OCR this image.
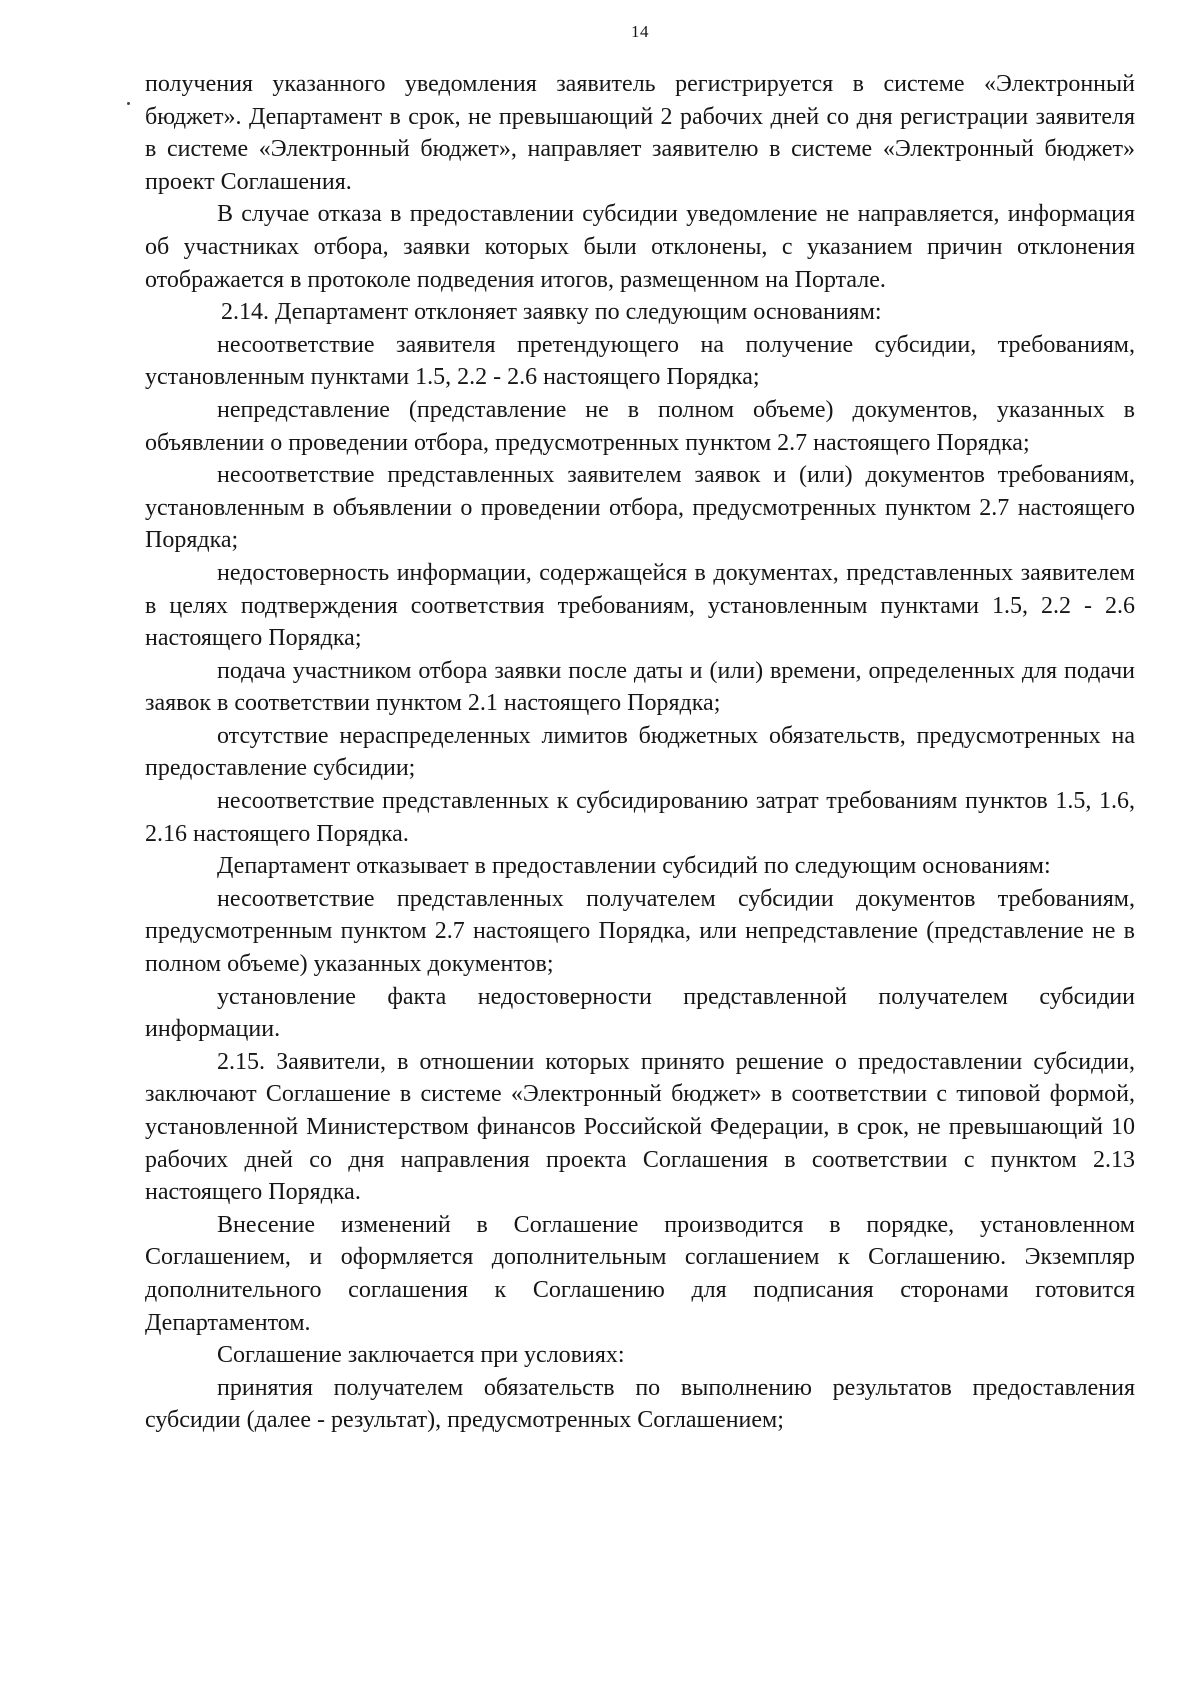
14

получения указанного уведомления заявитель регистрируется в системе «Электронный бюджет». Департамент в срок, не превышающий 2 рабочих дней со дня регистрации заявителя в системе «Электронный бюджет», направляет заявителю в системе «Электронный бюджет» проект Соглашения.

В случае отказа в предоставлении субсидии уведомление не направляется, информация об участниках отбора, заявки которых были отклонены, с указанием причин отклонения отображается в протоколе подведения итогов, размещенном на Портале.

2.14. Департамент отклоняет заявку по следующим основаниям:

несоответствие заявителя претендующего на получение субсидии, требованиям, установленным пунктами 1.5, 2.2 - 2.6 настоящего Порядка;

непредставление (представление не в полном объеме) документов, указанных в объявлении о проведении отбора, предусмотренных пунктом 2.7 настоящего Порядка;

несоответствие представленных заявителем заявок и (или) документов требованиям, установленным в объявлении о проведении отбора, предусмотренных пунктом 2.7 настоящего Порядка;

недостоверность информации, содержащейся в документах, представленных заявителем в целях подтверждения соответствия требованиям, установленным пунктами 1.5, 2.2 - 2.6 настоящего Порядка;

подача участником отбора заявки после даты и (или) времени, определенных для подачи заявок в соответствии пунктом 2.1 настоящего Порядка;

отсутствие нераспределенных лимитов бюджетных обязательств, предусмотренных на предоставление субсидии;

несоответствие представленных к субсидированию затрат требованиям пунктов 1.5, 1.6, 2.16 настоящего Порядка.

Департамент отказывает в предоставлении субсидий по следующим основаниям:

несоответствие представленных получателем субсидии документов требованиям, предусмотренным пунктом 2.7 настоящего Порядка, или непредставление (представление не в полном объеме) указанных документов;

установление факта недостоверности представленной получателем субсидии информации.

2.15. Заявители, в отношении которых принято решение о предоставлении субсидии, заключают Соглашение в системе «Электронный бюджет» в соответствии с типовой формой, установленной Министерством финансов Российской Федерации, в срок, не превышающий 10 рабочих дней со дня направления проекта Соглашения в соответствии с пунктом 2.13 настоящего Порядка.

Внесение изменений в Соглашение производится в порядке, установленном Соглашением, и оформляется дополнительным соглашением к Соглашению. Экземпляр дополнительного соглашения к Соглашению для подписания сторонами готовится Департаментом.

Соглашение заключается при условиях:

принятия получателем обязательств по выполнению результатов предоставления субсидии (далее - результат), предусмотренных Соглашением;
